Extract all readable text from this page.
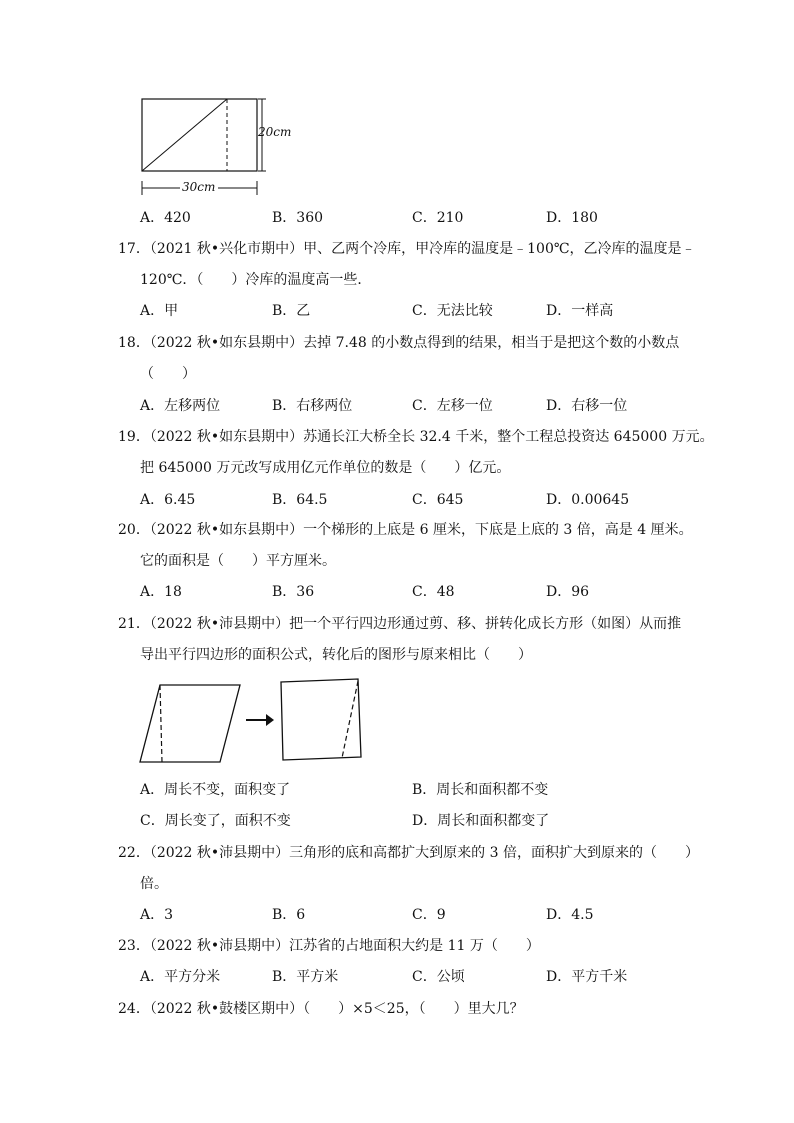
20cm
30cm
A．420	B．360	C．210	D．180
17．（2021 秋•兴化市期中）甲、乙两个冷库，甲冷库的温度是﹣100℃，乙冷库的温度是﹣
120℃．（　　）冷库的温度高一些．
A．甲	B．乙	C．无法比较	D．一样高
18．（2022 秋•如东县期中）去掉 7.48 的小数点得到的结果，相当于是把这个数的小数点
（　　）
A．左移两位	B．右移两位	C．左移一位	D．右移一位
19．（2022 秋•如东县期中）苏通长江大桥全长 32.4 千米，整个工程总投资达 645000 万元。
把 645000 万元改写成用亿元作单位的数是（　　）亿元。
A．6.45	B．64.5	C．645	D．0.00645
20．（2022 秋•如东县期中）一个梯形的上底是 6 厘米，下底是上底的 3 倍，高是 4 厘米。
它的面积是（　　）平方厘米。
A．18	B．36	C．48	D．96
21．（2022 秋•沛县期中）把一个平行四边形通过剪、移、拼转化成长方形（如图）从而推
导出平行四边形的面积公式，转化后的图形与原来相比（　　）
A．周长不变，面积变了	B．周长和面积都不变
C．周长变了，面积不变	D．周长和面积都变了
22．（2022 秋•沛县期中）三角形的底和高都扩大到原来的 3 倍，面积扩大到原来的（　　）
倍。
A．3	B．6	C．9	D．4.5
23．（2022 秋•沛县期中）江苏省的占地面积大约是 11 万（　　）
A．平方分米	B．平方米	C．公顷	D．平方千米
24．（2022 秋•鼓楼区期中）（　　）×5＜25，（　　）里大几？
